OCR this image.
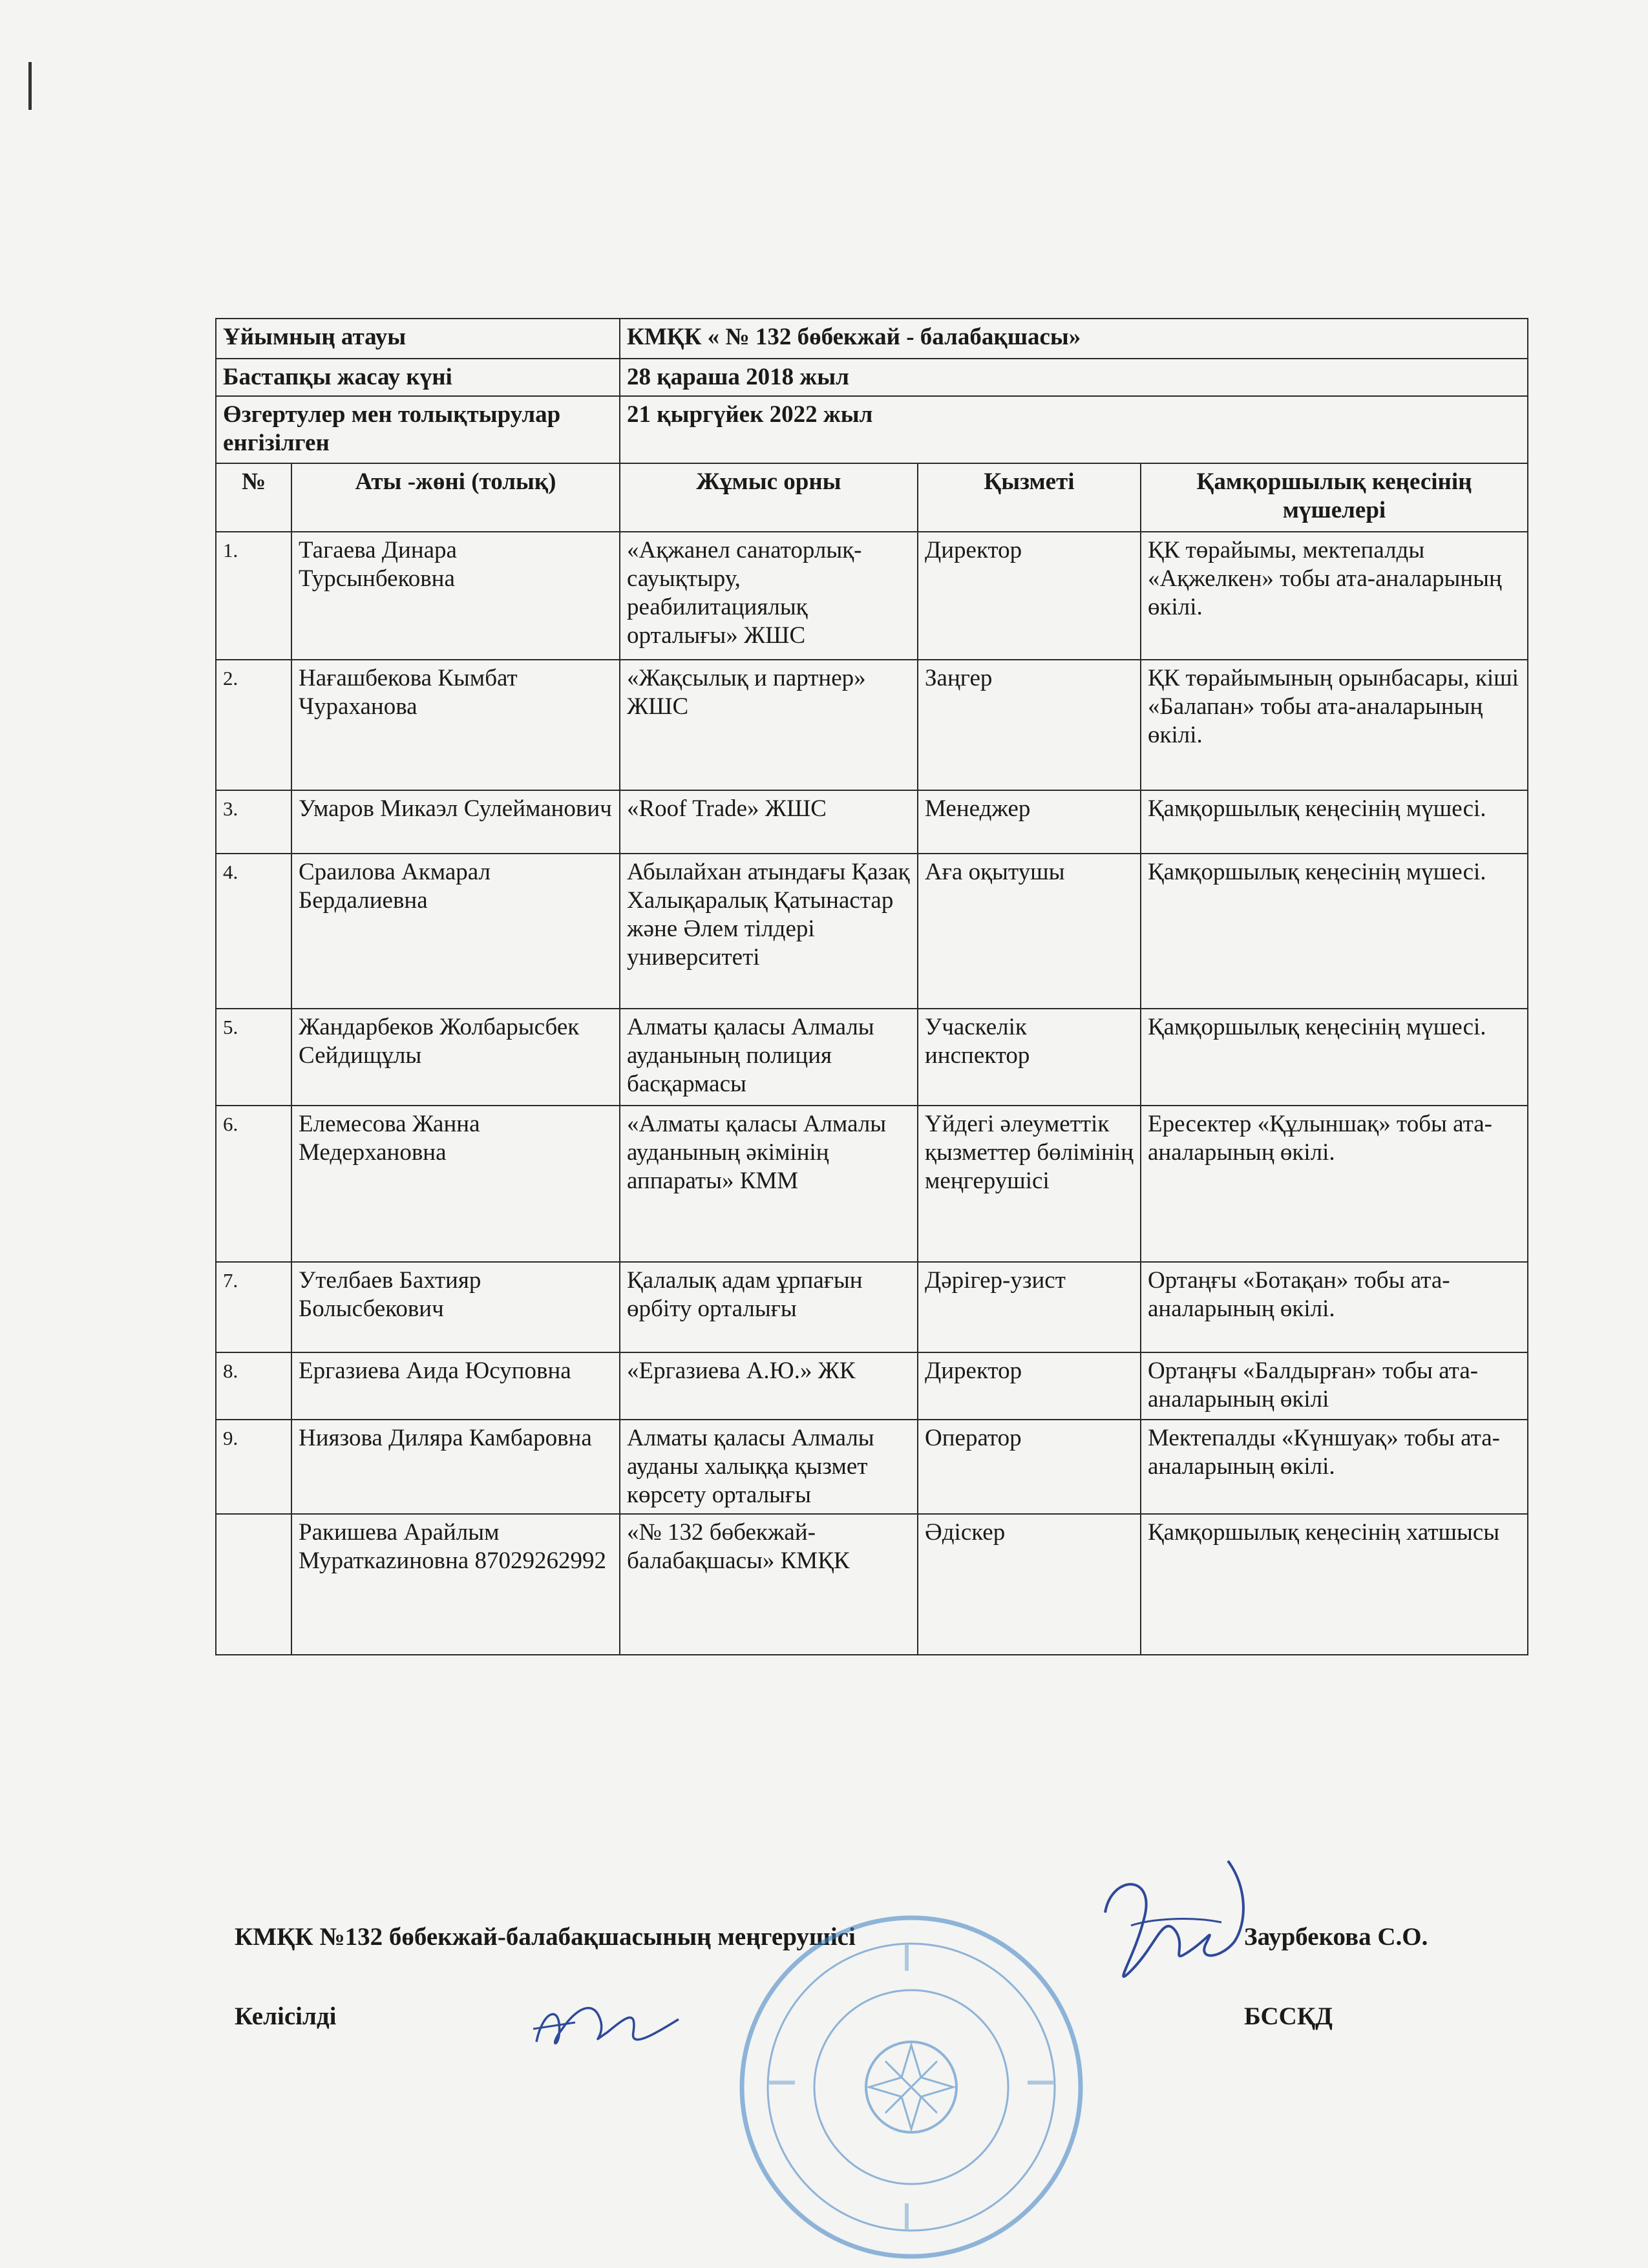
Ұйымның атауы		КМҚК « № 132 бөбекжай - балабақшасы»		
Бастапқы жасау күні		28 қараша 2018 жыл		
Өзгертулер мен толықтырулар енгізілген		21 қыргүйек 2022 жыл		
№	Аты -жөні (толық)	Жұмыс орны	Қызметі	Қамқоршылық кеңесінің мүшелері
1.	Тагаева Динара Турсынбековна	«Ақжанел санаторлық-сауықтыру, реабилитациялық орталығы» ЖШС	Директор	ҚК төрайымы, мектепалды «Ақжелкен» тобы ата-аналарының өкілі.
2.	Нағашбекова Кымбат Чураханова	«Жақсылық и партнер» ЖШС	Заңгер	ҚК төрайымының орынбасары, кіші «Балапан» тобы ата-аналарының өкілі.
3.	Умаров Микаэл Сулейманович	«Roof Trade» ЖШС	Менеджер	Қамқоршылық кеңесінің мүшесі.
4.	Сраилова Акмарал Бердалиевна	Абылайхан атындағы Қазақ Халықаралық Қатынастар және Әлем тілдері университеті	Аға оқытушы	Қамқоршылық кеңесінің мүшесі.
5.	Жандарбеков Жолбарысбек Сейдищұлы	Алматы қаласы Алмалы ауданының полиция басқармасы	Учаскелік инспектор	Қамқоршылық кеңесінің мүшесі.
6.	Елемесова Жанна Медерхановна	«Алматы қаласы Алмалы ауданының әкімінің аппараты» КММ	Үйдегі әлеуметтік қызметтер бөлімінің меңгерушісі	Ересектер «Құлыншақ» тобы ата-аналарының өкілі.
7.	Утелбаев Бахтияр Болысбекович	Қалалық адам ұрпағын өрбіту орталығы	Дәрігер-узист	Ортаңғы «Ботақан» тобы ата-аналарының өкілі.
8.	Ергазиева Аида Юсуповна	«Ергазиева А.Ю.» ЖК	Директор	Ортаңғы «Балдырған» тобы ата-аналарының өкілі
9.	Ниязова Диляра Камбаровна	Алматы қаласы Алмалы ауданы халыққа қызмет көрсету орталығы	Оператор	Мектепалды «Күншуақ» тобы ата-аналарының өкілі.
	Ракишева Арайлым Мураткazиновна 87029262992	«№ 132 бөбекжай-балабақшасы» КМҚК	Әдіскер	Қамқоршылық кеңесінің хатшысы
КМҚК №132 бөбекжай-балабақшасының меңгерушісі	Заурбекова С.О.
Келісілді	БССҚД
